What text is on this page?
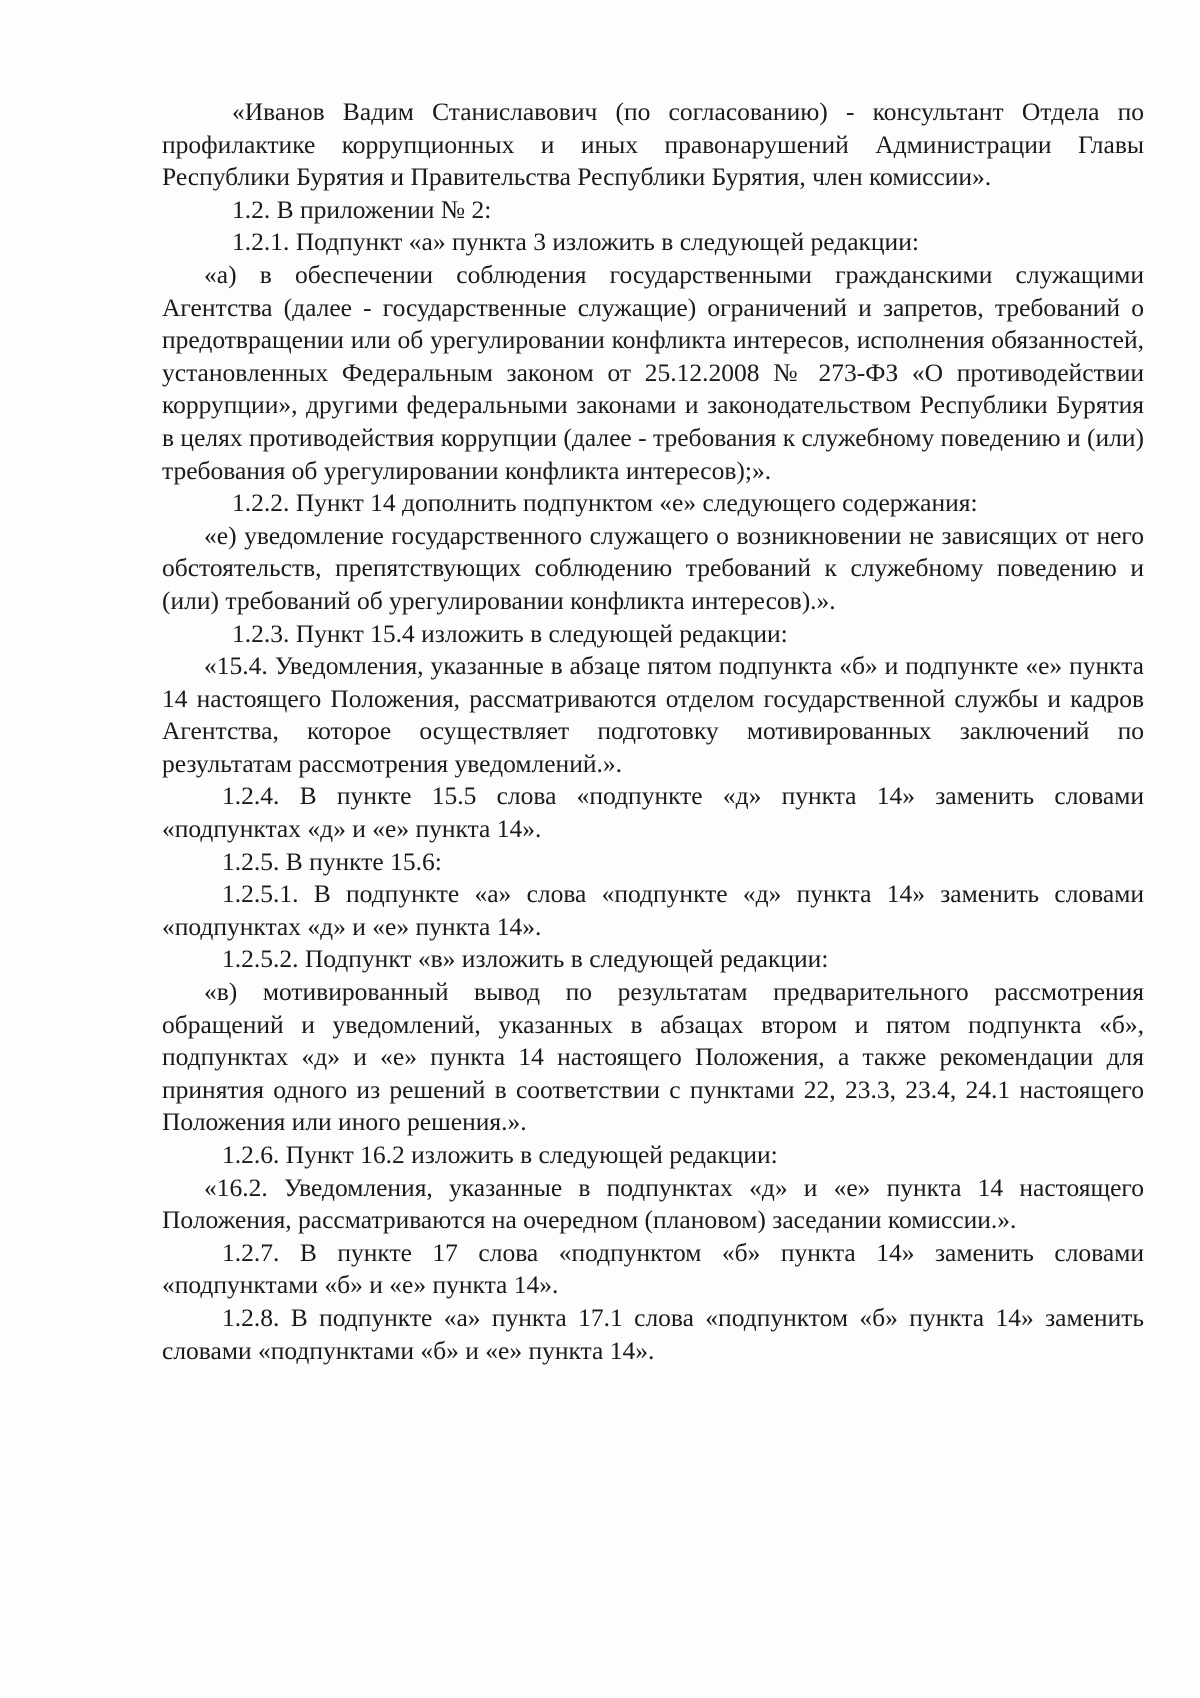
«Иванов Вадим Станиславович (по согласованию) - консультант Отдела по профилактике коррупционных и иных правонарушений Администрации Главы Республики Бурятия и Правительства Республики Бурятия, член комиссии».

1.2. В приложении № 2:

1.2.1. Подпункт «а» пункта 3 изложить в следующей редакции:

«а) в обеспечении соблюдения государственными гражданскими служащими Агентства (далее - государственные служащие) ограничений и запретов, требований о предотвращении или об урегулировании конфликта интересов, исполнения обязанностей, установленных Федеральным законом от 25.12.2008 № 273-ФЗ «О противодействии коррупции», другими федеральными законами и законодательством Республики Бурятия в целях противодействия коррупции (далее - требования к служебному поведению и (или) требования об урегулировании конфликта интересов);».

1.2.2. Пункт 14 дополнить подпунктом «е» следующего содержания:

«е) уведомление государственного служащего о возникновении не зависящих от него обстоятельств, препятствующих соблюдению требований к служебному поведению и (или) требований об урегулировании конфликта интересов).».

1.2.3. Пункт 15.4 изложить в следующей редакции:

«15.4. Уведомления, указанные в абзаце пятом подпункта «б» и подпункте «е» пункта 14 настоящего Положения, рассматриваются отделом государственной службы и кадров Агентства, которое осуществляет подготовку мотивированных заключений по результатам рассмотрения уведомлений.».

1.2.4. В пункте 15.5 слова «подпункте «д» пункта 14» заменить словами «подпунктах «д» и «е» пункта 14».

1.2.5. В пункте 15.6:

1.2.5.1. В подпункте «а» слова «подпункте «д» пункта 14» заменить словами «подпунктах «д» и «е» пункта 14».

1.2.5.2. Подпункт «в» изложить в следующей редакции:

«в) мотивированный вывод по результатам предварительного рассмотрения обращений и уведомлений, указанных в абзацах втором и пятом подпункта «б», подпунктах «д» и «е» пункта 14 настоящего Положения, а также рекомендации для принятия одного из решений в соответствии с пунктами 22, 23.3, 23.4, 24.1 настоящего Положения или иного решения.».

1.2.6. Пункт 16.2 изложить в следующей редакции:

«16.2. Уведомления, указанные в подпунктах «д» и «е» пункта 14 настоящего Положения, рассматриваются на очередном (плановом) заседании комиссии.».

1.2.7. В пункте 17 слова «подпунктом «б» пункта 14» заменить словами «подпунктами «б» и «е» пункта 14».

1.2.8. В подпункте «а» пункта 17.1 слова «подпунктом «б» пункта 14» заменить словами «подпунктами «б» и «е» пункта 14».
